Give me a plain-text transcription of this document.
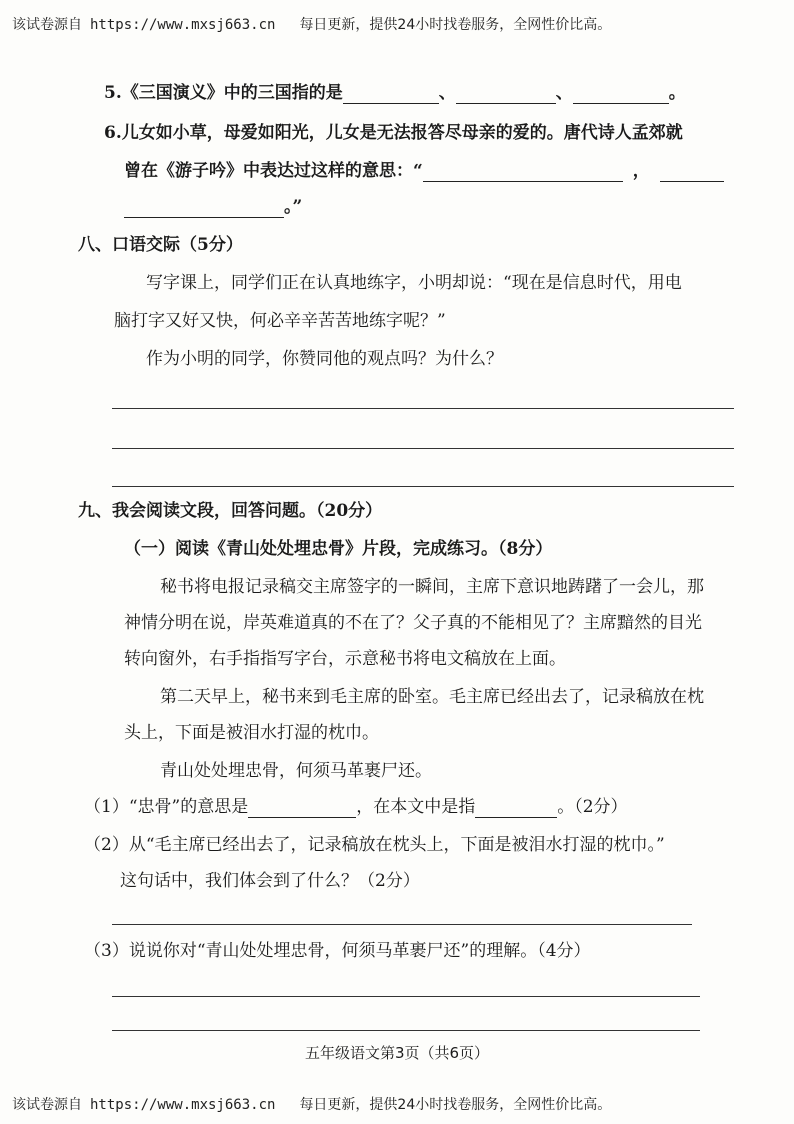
该试卷源自 https://www.mxsj663.cn 每日更新，提供24小时找卷服务，全网性价比高。
5.《三国演义》中的三国指的是	、	、	。
6.儿女如小草，母爱如阳光，儿女是无法报答尽母亲的爱的。唐代诗人孟郊就
曾在《游子吟》中表达过这样的意思：“	，
。”
八、口语交际（5分）
写字课上，同学们正在认真地练字，小明却说：“现在是信息时代，用电
脑打字又好又快，何必辛辛苦苦地练字呢？”
作为小明的同学，你赞同他的观点吗？为什么？
九、我会阅读文段，回答问题。（20分）
（一）阅读《青山处处埋忠骨》片段，完成练习。（8分）
秘书将电报记录稿交主席签字的一瞬间，主席下意识地踌躇了一会儿，那
神情分明在说，岸英难道真的不在了？父子真的不能相见了？主席黯然的目光
转向窗外，右手指指写字台，示意秘书将电文稿放在上面。
第二天早上，秘书来到毛主席的卧室。毛主席已经出去了，记录稿放在枕
头上，下面是被泪水打湿的枕巾。
青山处处埋忠骨，何须马革裹尸还。
（1）“忠骨”的意思是	，在本文中是指	。（2分）
（2）从“毛主席已经出去了，记录稿放在枕头上，下面是被泪水打湿的枕巾。”
这句话中，我们体会到了什么？（2分）
（3）说说你对“青山处处埋忠骨，何须马革裹尸还”的理解。（4分）
五年级语文第3页（共6页）
该试卷源自 https://www.mxsj663.cn 每日更新，提供24小时找卷服务，全网性价比高。
